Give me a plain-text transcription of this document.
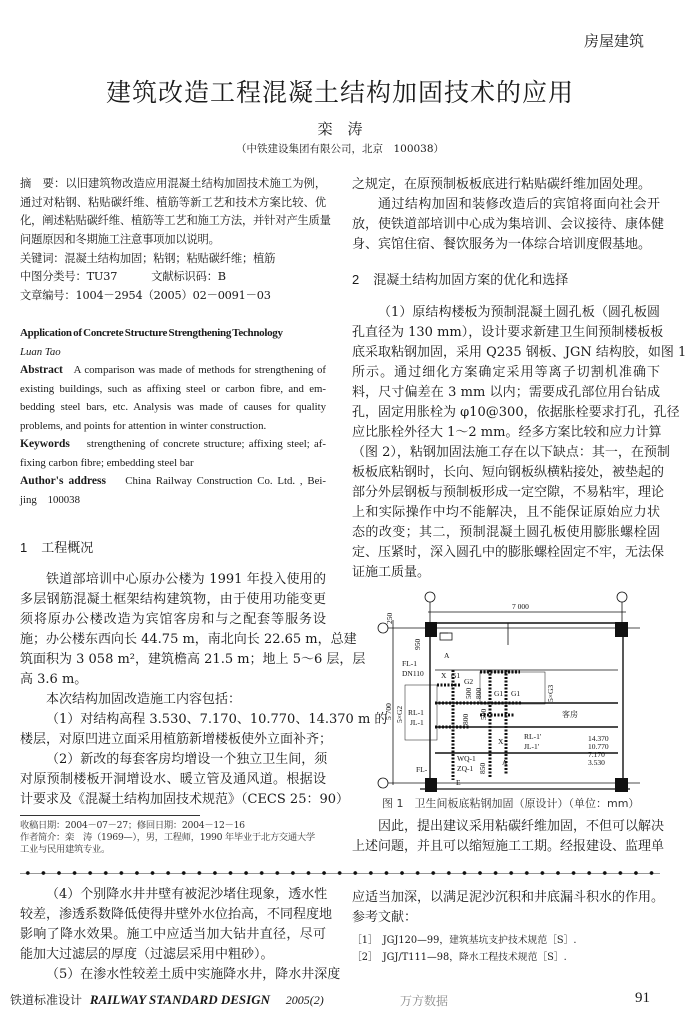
房屋建筑
建筑改造工程混凝土结构加固技术的应用
栾　涛
（中铁建设集团有限公司，北京　100038）
摘　要：以旧建筑物改造应用混凝土结构加固技术施工为例，
通过对粘钢、粘贴碳纤维、植筋等新工艺和技术方案比较、优
化，阐述粘贴碳纤维、植筋等工艺和施工方法，并针对产生质量
问题原因和冬期施工注意事项加以说明。
关键词：混凝土结构加固；粘钢；粘贴碳纤维；植筋
中图分类号：TU37	文献标识码：B
文章编号：1004－2954（2005）02－0091－03
Application of Concrete Structure Strengthening Technology
Luan Tao
Abstract A comparison was made of methods for strengthening of
existing buildings, such as affixing steel or carbon fibre, and em-
bedding steel bars, etc. Analysis was made of causes for quality
problems, and points for attention in winter construction.
Keywords strengthening of concrete structure; affixing steel; af-
fixing carbon fibre; embedding steel bar
Author's address China Railway Construction Co. Ltd. , Bei-
jing　100038
1 工程概况
铁道部培训中心原办公楼为 1991 年投入使用的
多层钢筋混凝土框架结构建筑物，由于使用功能变更
须将原办公楼改造为宾馆客房和与之配套等服务设
施；办公楼东西向长 44.75 m，南北向长 22.65 m，总建
筑面积为 3 058 m²，建筑檐高 21.5 m；地上 5～6 层，层
高 3.6 m。
本次结构加固改造施工内容包括：
（1）对结构高程 3.530、7.170、10.770、14.370 m 的
楼层，对原凹进立面采用植筋新增楼板使外立面补齐；
（2）新改的每套客房均增设一个独立卫生间，须
对原预制楼板开洞增设水、暖立管及通风道。根据设
计要求及《混凝土结构加固技术规范》（CECS 25：90）
收稿日期：2004－07－27；修回日期：2004－12－16
作者简介：栾　涛（1969—），男，工程师，1990 年毕业于北方交通大学
工业与民用建筑专业。
之规定，在原预制板板底进行粘贴碳纤维加固处理。
通过结构加固和装修改造后的宾馆将面向社会开
放，使铁道部培训中心成为集培训、会议接待、康体健
身、宾馆住宿、餐饮服务为一体综合培训度假基地。
2 混凝土结构加固方案的优化和选择
（1）原结构楼板为预制混凝土圆孔板（圆孔板圆
孔直径为 130 mm），设计要求新建卫生间预制楼板板
底采取粘钢加固，采用 Q235 钢板、JGN 结构胶，如图 1
所示。通过细化方案确定采用等离子切割机准确下
料，尺寸偏差在 3 mm 以内；需要成孔部位用台钻成
孔，固定用胀栓为 φ10@300，依据胀栓要求打孔，孔径
应比胀栓外径大 1～2 mm。经多方案比较和应力计算
（图 2），粘钢加固法施工存在以下缺点：其一，在预制
板板底粘钢时，长向、短向钢板纵横粘接处，被垫起的
部分外层钢板与预制板形成一定空隙，不易粘牢，理论
上和实际操作中均不能解决，且不能保证原始应力状
态的改变；其二，预制混凝土圆孔板使用膨胀螺栓固
定、压紧时，深入圆孔中的膨胀螺栓固定不牢，无法保
证施工质量。
7 000
250
950
A
FL-1
DN110 X G1
G2
500 800 G1 G1	5×G3
5 700 5×G2 RL-1
JL-1
客房
800 500
RL-1'
JL-1'
X	14.370
10.770
7.170
3.530
WQ-1
ZQ-1 850
A
FL-
E
图 1　卫生间板底粘钢加固（原设计）（单位：mm）
因此，提出建议采用粘碳纤维加固，不但可以解决
上述问题，并且可以缩短施工工期。经报建设、监理单
（4）个别降水井井壁有被泥沙堵住现象，透水性
较差，渗透系数降低使得井壁外水位抬高，不同程度地
影响了降水效果。施工中应适当加大钻井直径，尽可
能加大过滤层的厚度（过滤层采用中粗砂）。
（5）在渗水性较差土质中实施降水井，降水井深度
应适当加深，以满足泥沙沉积和井底漏斗积水的作用。
参考文献：
［1］　JGJ120—99，建筑基坑支护技术规范［S］.
［2］　JGJ/T111—98，降水工程技术规范［S］.
铁道标准设计 RAILWAY STANDARD DESIGN 2005(2)	万方数据	91
